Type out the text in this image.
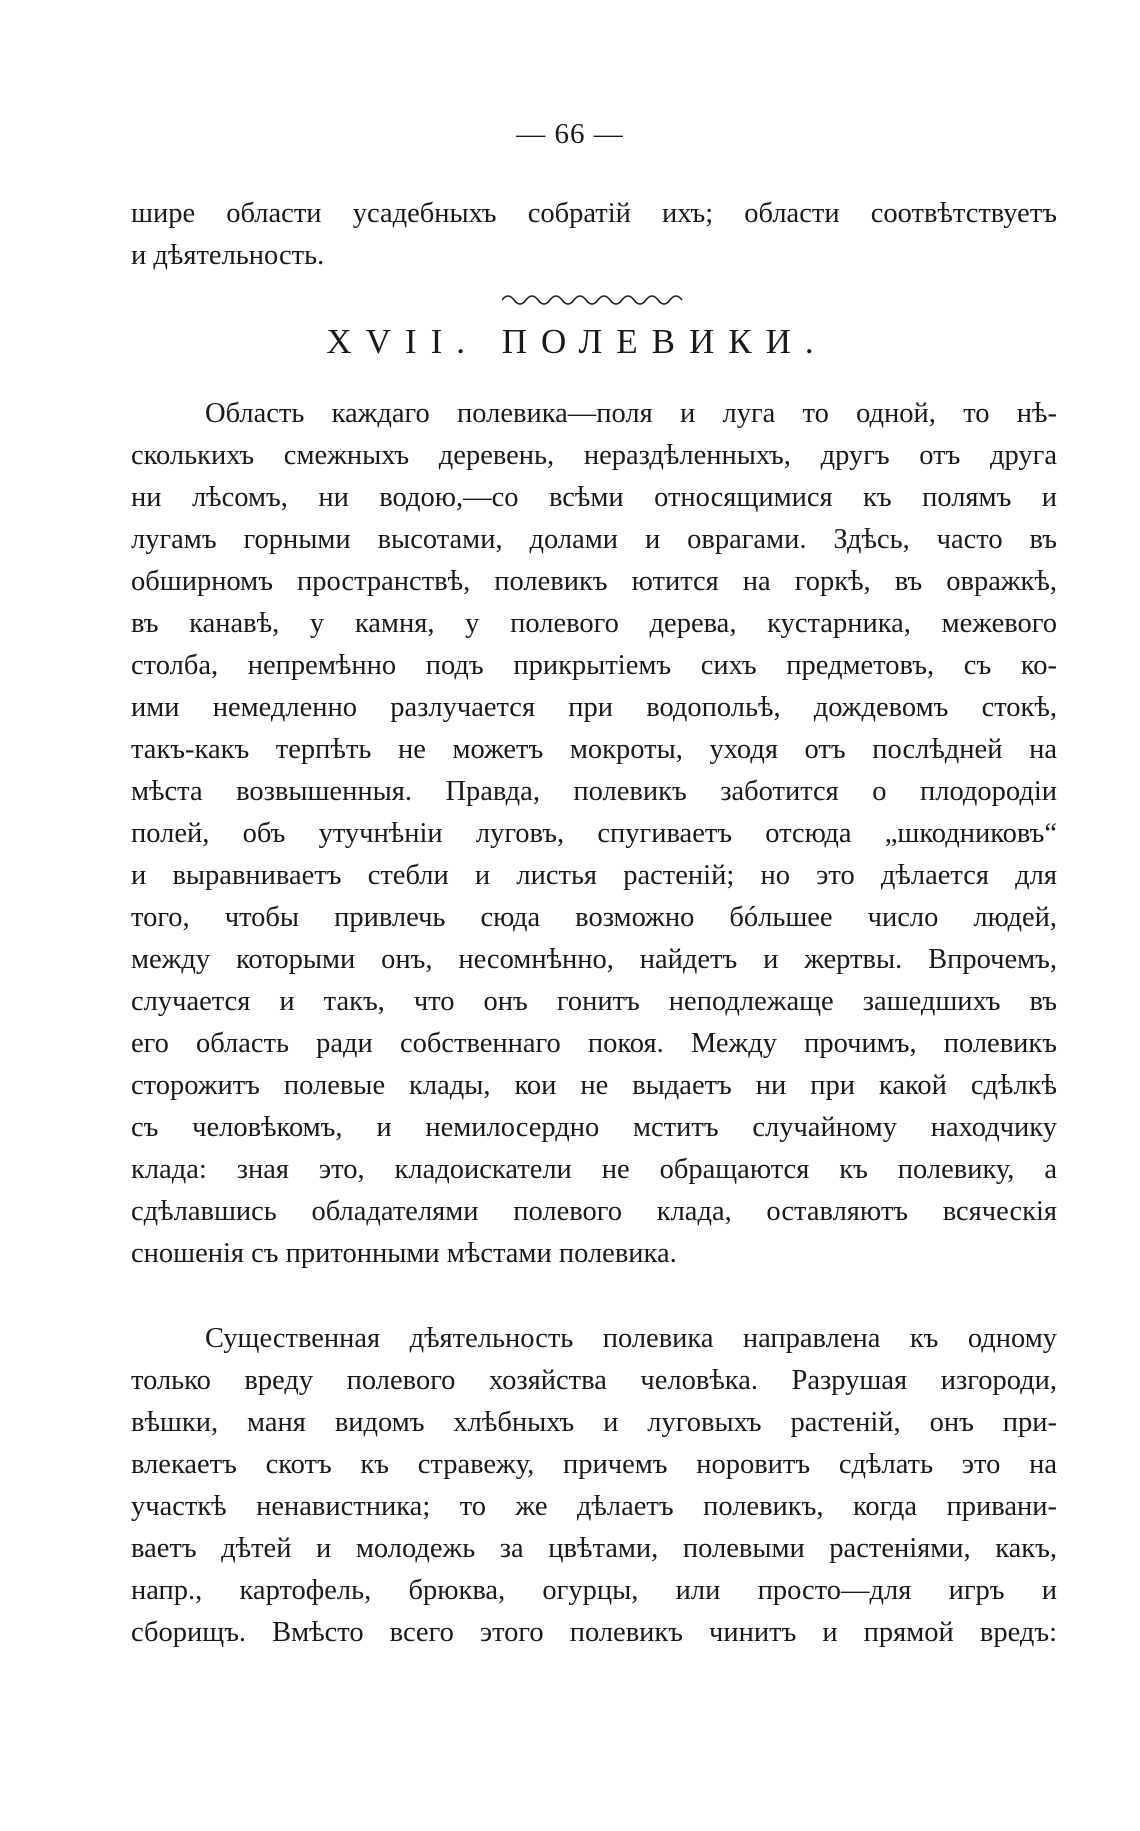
— 66 —
шире области усадебныхъ собратій ихъ; области соотвѣтствуетъ
и дѣятельность.
XVII. ПОЛЕВИКИ.
Область каждаго полевика—поля и луга то одной, то нѣ-
сколькихъ смежныхъ деревень, нераздѣленныхъ, другъ отъ друга
ни лѣсомъ, ни водою,—со всѣми относящимися къ полямъ и
лугамъ горными высотами, долами и оврагами. Здѣсь, часто въ
обширномъ пространствѣ, полевикъ ютится на горкѣ, въ овражкѣ,
въ канавѣ, у камня, у полевого дерева, кустарника, межевого
столба, непремѣнно подъ прикрытіемъ сихъ предметовъ, съ ко-
ими немедленно разлучается при водопольѣ, дождевомъ стокѣ,
такъ-какъ терпѣть не можетъ мокроты, уходя отъ послѣдней на
мѣста возвышенныя. Правда, полевикъ заботится о плодородіи
полей, объ утучнѣніи луговъ, спугиваетъ отсюда „шкодниковъ“
и выравниваетъ стебли и листья растеній; но это дѣлается для
того, чтобы привлечь сюда возможно бóльшее число людей,
между которыми онъ, несомнѣнно, найдетъ и жертвы. Впрочемъ,
случается и такъ, что онъ гонитъ неподлежаще зашедшихъ въ
его область ради собственнаго покоя. Между прочимъ, полевикъ
сторожитъ полевые клады, кои не выдаетъ ни при какой сдѣлкѣ
съ человѣкомъ, и немилосердно мститъ случайному находчику
клада: зная это, кладоискатели не обращаются къ полевику, а
сдѣлавшись обладателями полевого клада, оставляютъ всяческія
сношенія съ притонными мѣстами полевика.
Существенная дѣятельность полевика направлена къ одному
только вреду полевого хозяйства человѣка. Разрушая изгороди,
вѣшки, маня видомъ хлѣбныхъ и луговыхъ растеній, онъ при-
влекаетъ скотъ къ стравежу, причемъ норовитъ сдѣлать это на
участкѣ ненавистника; то же дѣлаетъ полевикъ, когда привани-
ваетъ дѣтей и молодежь за цвѣтами, полевыми растеніями, какъ,
напр., картофель, брюква, огурцы, или просто—для игръ и
сборищъ. Вмѣсто всего этого полевикъ чинитъ и прямой вредъ:
